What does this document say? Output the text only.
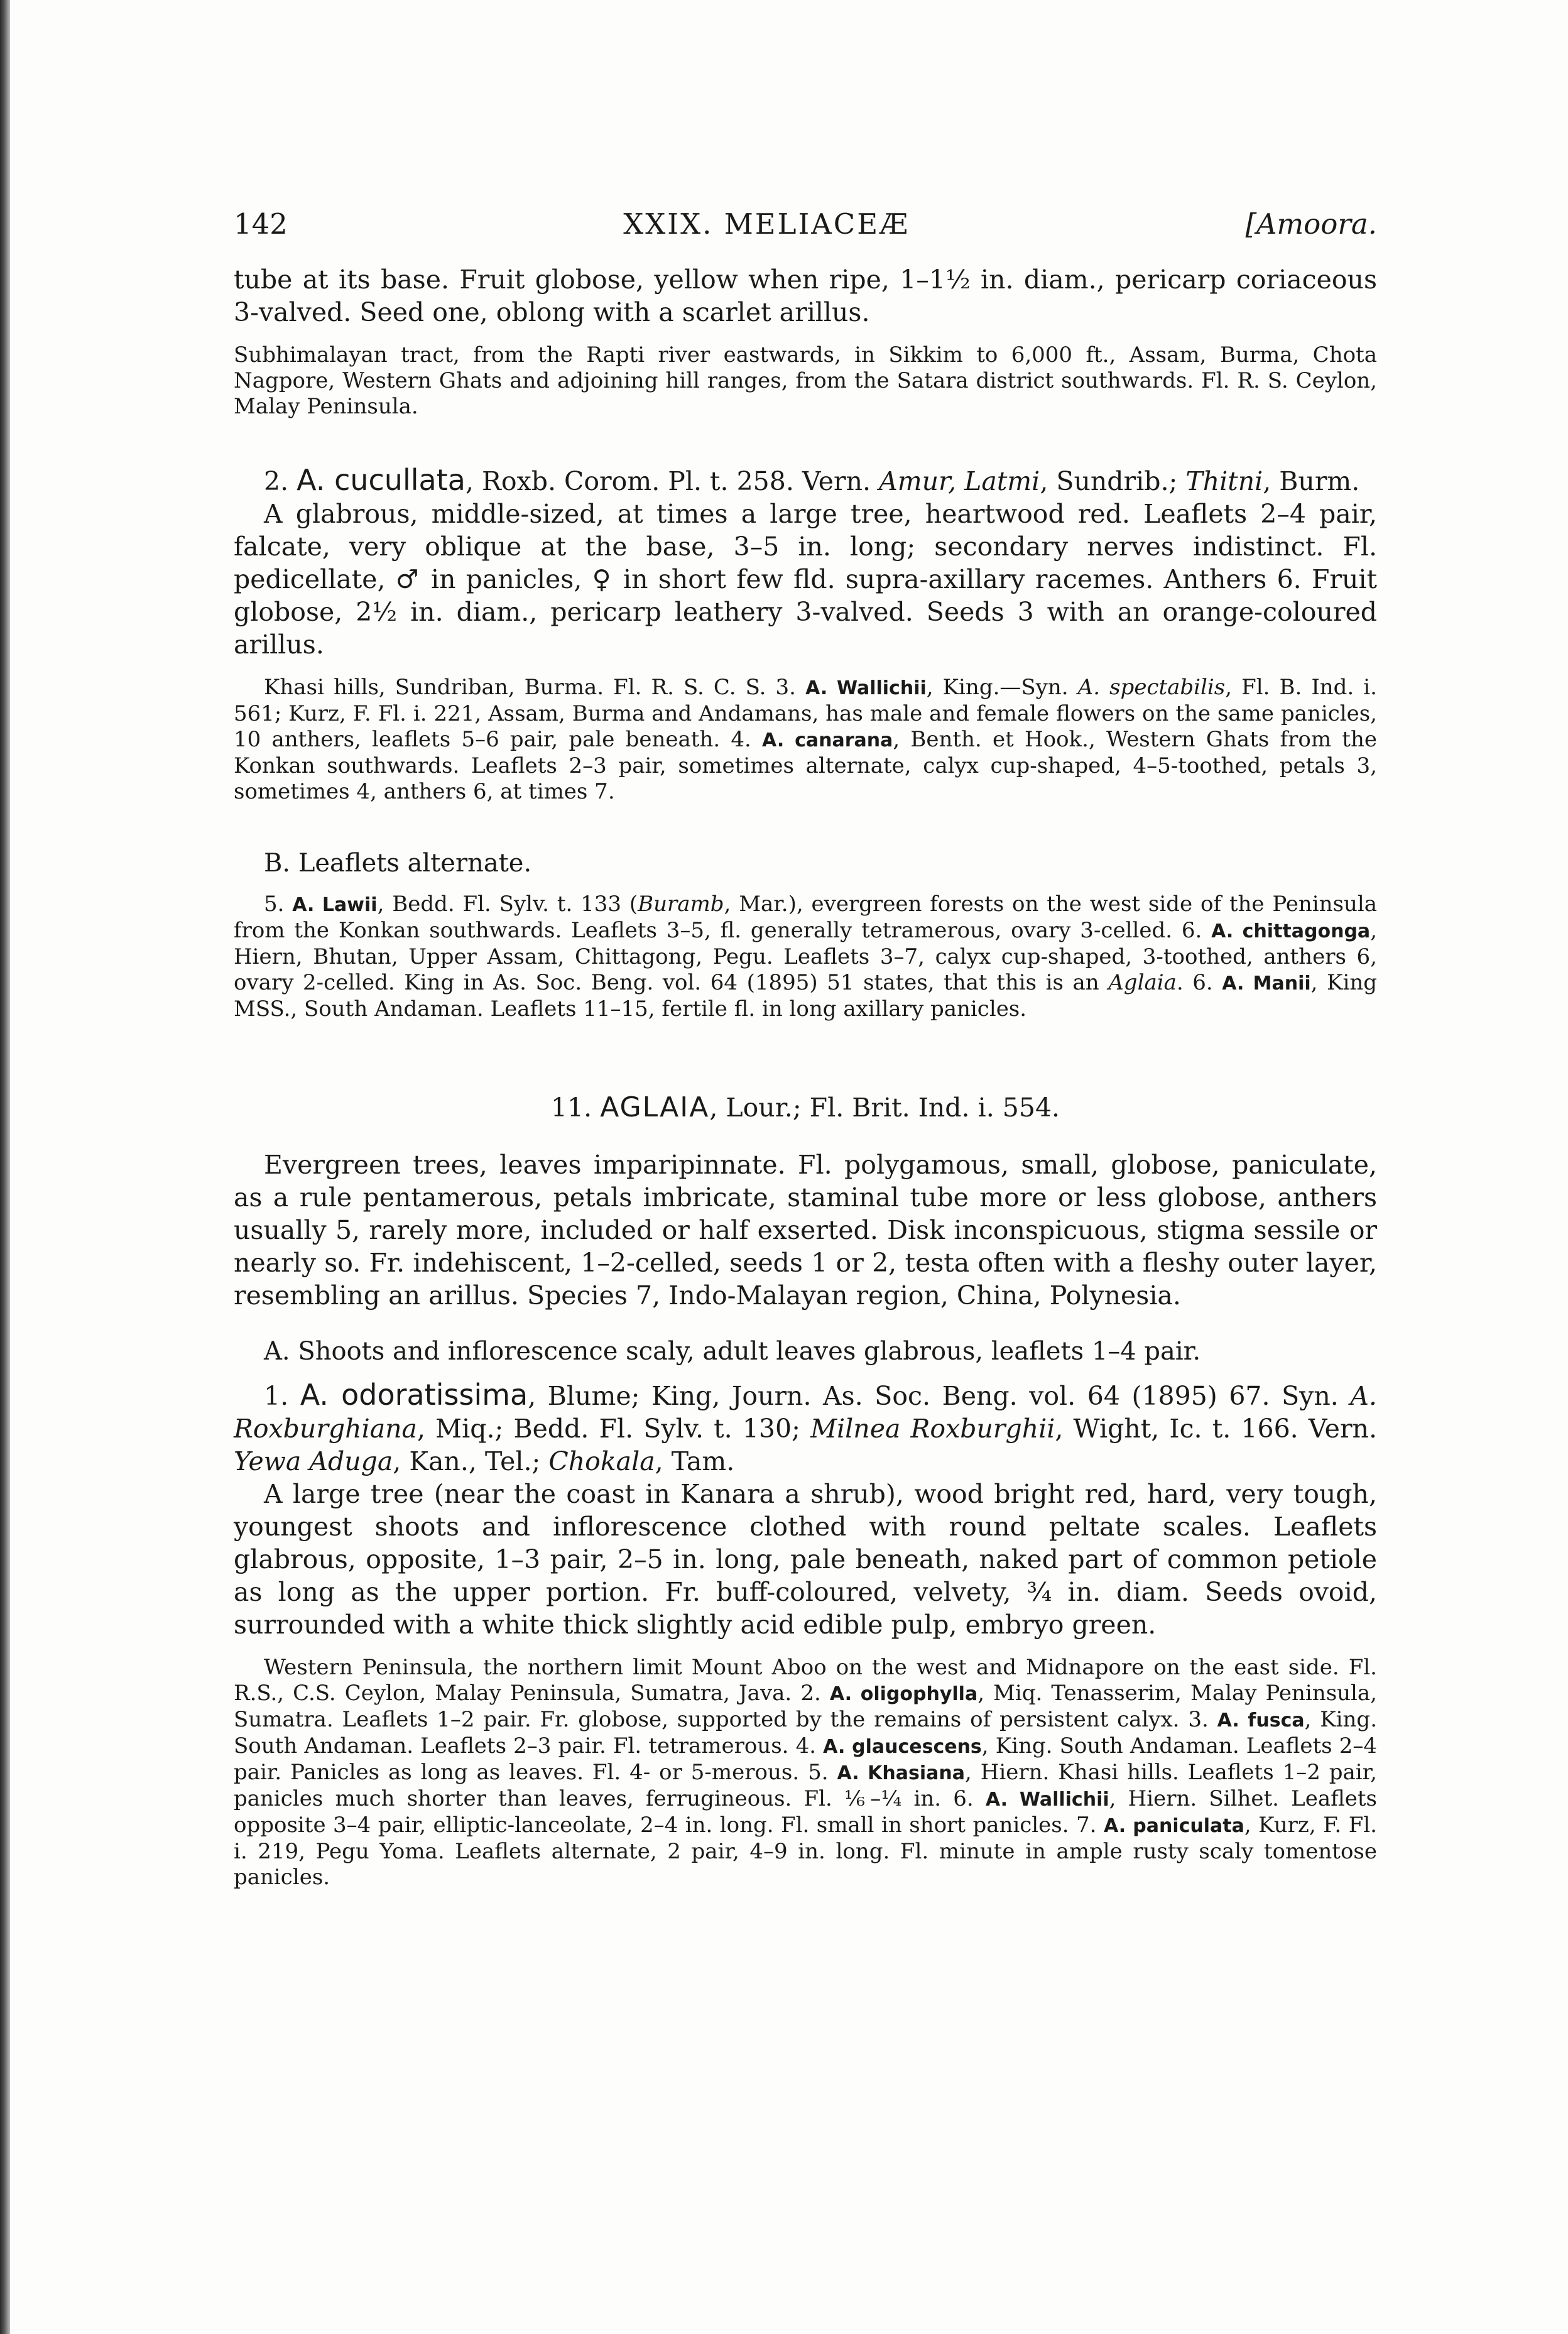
142	XXIX. MELIACEÆ	[Amoora.

tube at its base. Fruit globose, yellow when ripe, 1–1½ in. diam., pericarp coriaceous 3-valved. Seed one, oblong with a scarlet arillus.

Subhimalayan tract, from the Rapti river eastwards, in Sikkim to 6,000 ft., Assam, Burma, Chota Nagpore, Western Ghats and adjoining hill ranges, from the Satara district southwards. Fl. R. S. Ceylon, Malay Peninsula.

2. A. cucullata, Roxb. Corom. Pl. t. 258. Vern. Amur, Latmi, Sundrib.; Thitni, Burm.

A glabrous, middle-sized, at times a large tree, heartwood red. Leaflets 2–4 pair, falcate, very oblique at the base, 3–5 in. long; secondary nerves indistinct. Fl. pedicellate, ♂ in panicles, ♀ in short few fld. supra-axillary racemes. Anthers 6. Fruit globose, 2½ in. diam., pericarp leathery 3-valved. Seeds 3 with an orange-coloured arillus.

Khasi hills, Sundriban, Burma. Fl. R. S. C. S. 3. A. Wallichii, King.—Syn. A. spectabilis, Fl. B. Ind. i. 561; Kurz, F. Fl. i. 221, Assam, Burma and Andamans, has male and female flowers on the same panicles, 10 anthers, leaflets 5–6 pair, pale beneath. 4. A. canarana, Benth. et Hook., Western Ghats from the Konkan southwards. Leaflets 2–3 pair, sometimes alternate, calyx cup-shaped, 4–5-toothed, petals 3, sometimes 4, anthers 6, at times 7.

B. Leaflets alternate.

5. A. Lawii, Bedd. Fl. Sylv. t. 133 (Buramb, Mar.), evergreen forests on the west side of the Peninsula from the Konkan southwards. Leaflets 3–5, fl. generally tetramerous, ovary 3-celled. 6. A. chittagonga, Hiern, Bhutan, Upper Assam, Chittagong, Pegu. Leaflets 3–7, calyx cup-shaped, 3-toothed, anthers 6, ovary 2-celled. King in As. Soc. Beng. vol. 64 (1895) 51 states, that this is an Aglaia. 6. A. Manii, King MSS., South Andaman. Leaflets 11–15, fertile fl. in long axillary panicles.

11. AGLAIA, Lour.; Fl. Brit. Ind. i. 554.

Evergreen trees, leaves imparipinnate. Fl. polygamous, small, globose, paniculate, as a rule pentamerous, petals imbricate, staminal tube more or less globose, anthers usually 5, rarely more, included or half exserted. Disk inconspicuous, stigma sessile or nearly so. Fr. indehiscent, 1–2-celled, seeds 1 or 2, testa often with a fleshy outer layer, resembling an arillus. Species 7, Indo-Malayan region, China, Polynesia.

A. Shoots and inflorescence scaly, adult leaves glabrous, leaflets 1–4 pair.

1. A. odoratissima, Blume; King, Journ. As. Soc. Beng. vol. 64 (1895) 67. Syn. A. Roxburghiana, Miq.; Bedd. Fl. Sylv. t. 130; Milnea Roxburghii, Wight, Ic. t. 166. Vern. Yewa Aduga, Kan., Tel.; Chokala, Tam.

A large tree (near the coast in Kanara a shrub), wood bright red, hard, very tough, youngest shoots and inflorescence clothed with round peltate scales. Leaflets glabrous, opposite, 1–3 pair, 2–5 in. long, pale beneath, naked part of common petiole as long as the upper portion. Fr. buff-coloured, velvety, ¾ in. diam. Seeds ovoid, surrounded with a white thick slightly acid edible pulp, embryo green.

Western Peninsula, the northern limit Mount Aboo on the west and Midnapore on the east side. Fl. R.S., C.S. Ceylon, Malay Peninsula, Sumatra, Java. 2. A. oligophylla, Miq. Tenasserim, Malay Peninsula, Sumatra. Leaflets 1–2 pair. Fr. globose, supported by the remains of persistent calyx. 3. A. fusca, King. South Andaman. Leaflets 2–3 pair. Fl. tetramerous. 4. A. glaucescens, King. South Andaman. Leaflets 2–4 pair. Panicles as long as leaves. Fl. 4- or 5-merous. 5. A. Khasiana, Hiern. Khasi hills. Leaflets 1–2 pair, panicles much shorter than leaves, ferrugineous. Fl. ⅙–¼ in. 6. A. Wallichii, Hiern. Silhet. Leaflets opposite 3–4 pair, elliptic-lanceolate, 2–4 in. long. Fl. small in short panicles. 7. A. paniculata, Kurz, F. Fl. i. 219, Pegu Yoma. Leaflets alternate, 2 pair, 4–9 in. long. Fl. minute in ample rusty scaly tomentose panicles.
